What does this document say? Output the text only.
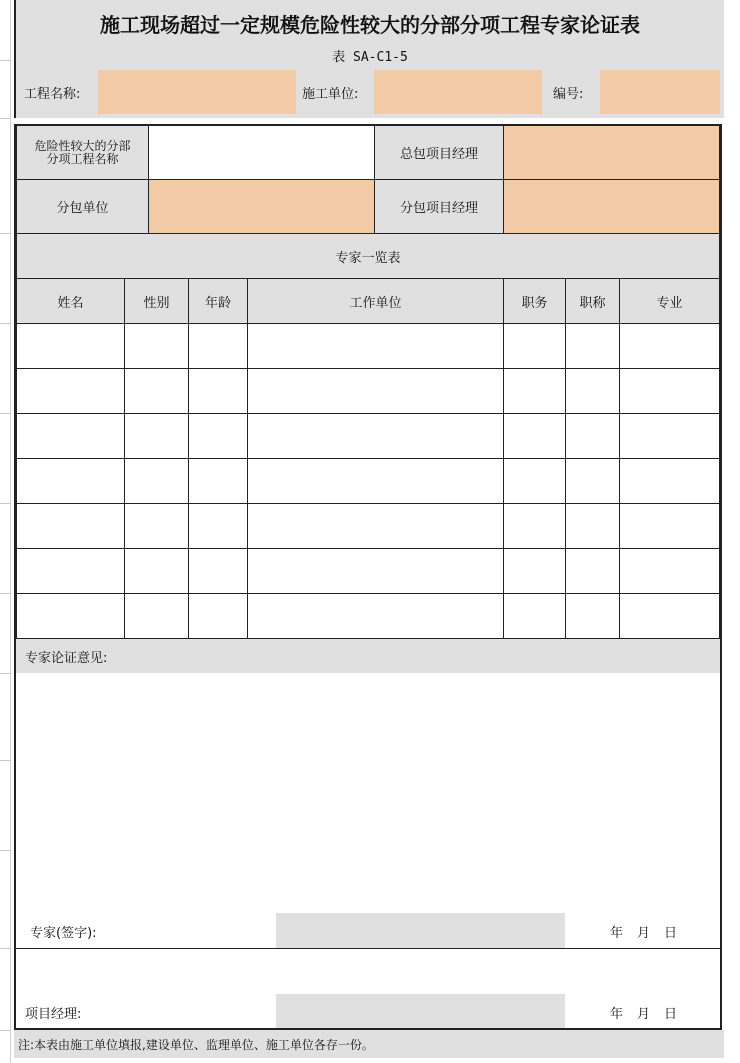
施工现场超过一定规模危险性较大的分部分项工程专家论证表
表 SA-C1-5
工程名称:	施工单位:	编号:
危险性较大的分部分项工程名称	总包项目经理
分包单位	分包项目经理
专家一览表
姓名	性别	年龄	工作单位	职务	职称	专业
专家论证意见:
专家(签字):	年 月 日
项目经理:	年 月 日
注:本表由施工单位填报,建设单位、监理单位、施工单位各存一份。
